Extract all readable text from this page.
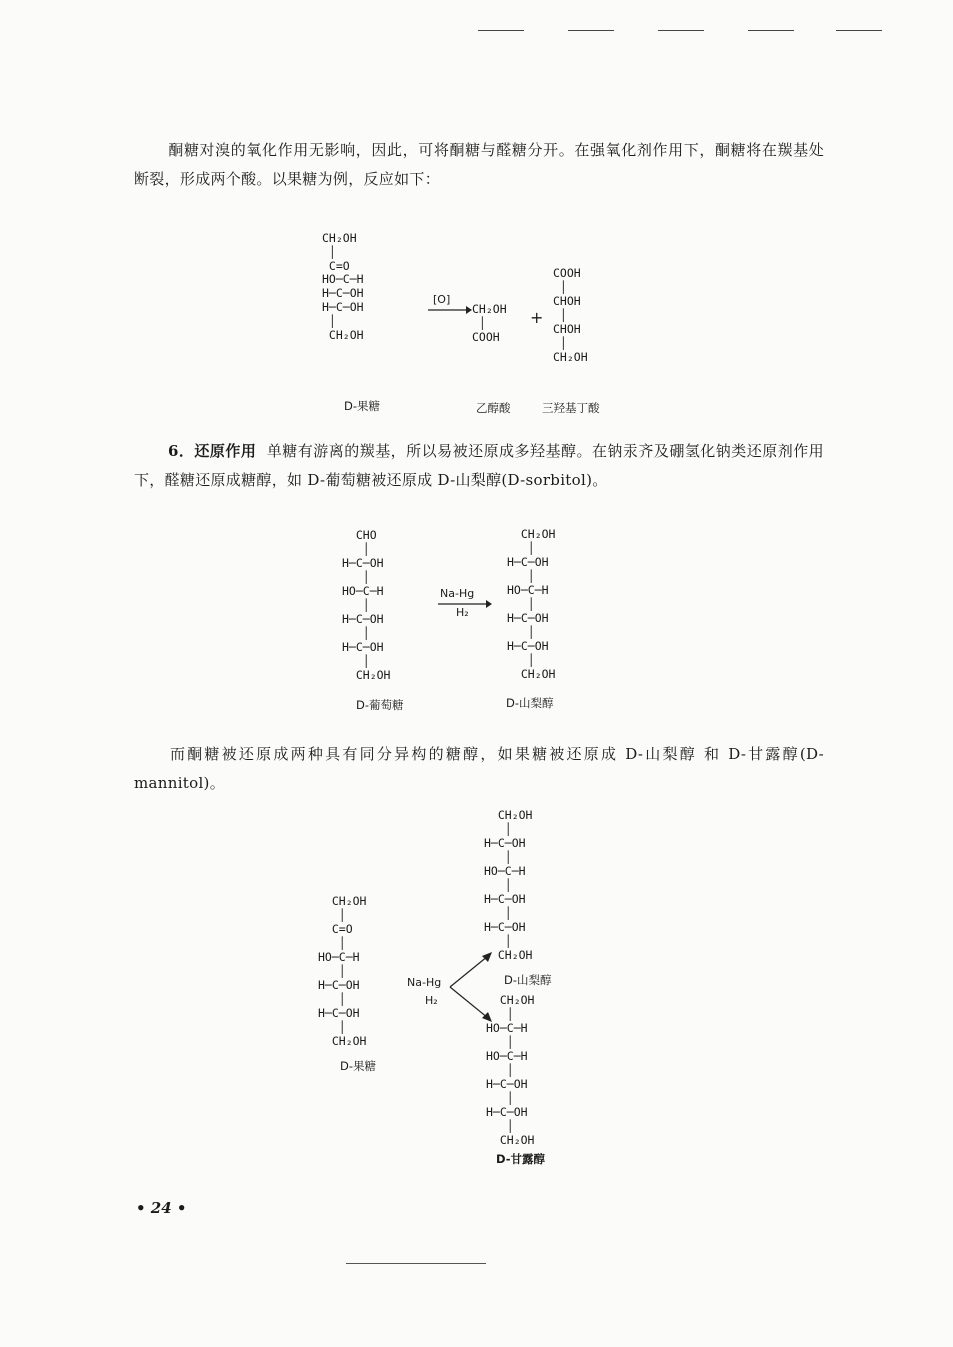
酮糖对溴的氧化作用无影响，因此，可将酮糖与醛糖分开。在强氧化剂作用下，酮糖将在羰基处断裂，形成两个酸。以果糖为例，反应如下：
CH₂OH
│
C=O
HO─C─H
H─C─OH
H─C─OH
│
CH₂OH
[O]
CH₂OH
│
COOH
+
COOH
│
CHOH
│
CHOH
│
CH₂OH
D-果糖	乙醇酸	三羟基丁酸
6．还原作用 单糖有游离的羰基，所以易被还原成多羟基醇。在钠汞齐及硼氢化钠类还原剂作用下，醛糖还原成糖醇，如 D-葡萄糖被还原成 D-山梨醇(D-sorbitol)。
CHO
│
H─C─OH
│
HO─C─H
│
H─C─OH
│
H─C─OH
│
CH₂OH
Na-Hg
H₂
CH₂OH
│
H─C─OH
│
HO─C─H
│
H─C─OH
│
H─C─OH
│
CH₂OH
D-葡萄糖	D-山梨醇
而酮糖被还原成两种具有同分异构的糖醇，如果糖被还原成 D-山梨醇 和 D-甘露醇(D-mannitol)。
CH₂OH
│
C=O
│
HO─C─H
│
H─C─OH
│
H─C─OH
│
CH₂OH
Na-Hg
H₂
CH₂OH
│
H─C─OH
│
HO─C─H
│
H─C─OH
│
H─C─OH
│
CH₂OH
D-山梨醇
CH₂OH
│
HO─C─H
│
HO─C─H
│
H─C─OH
│
H─C─OH
│
CH₂OH
D-果糖
D-甘露醇
• 24 •
